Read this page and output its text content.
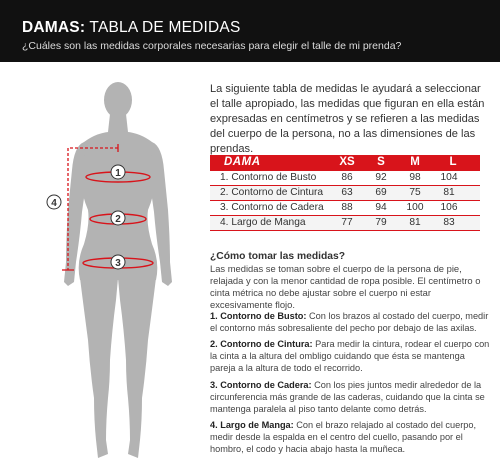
DAMAS: TABLA DE MEDIDAS
¿Cuáles son las medidas corporales necesarias para elegir el talle de mi prenda?
1
2
3
4
La siguiente tabla de medidas le ayudará a seleccionar el talle apropiado, las medidas que figuran en ella están expresadas en centímetros y se refieren a las medidas del cuerpo de la persona, no a las dimensiones de las prendas.
DAMA	XS	S	M	L
1. Contorno de Busto	86	92	98	104
2. Contorno de Cintura	63	69	75	81
3. Contorno de Cadera	88	94	100	106
4. Largo de Manga	77	79	81	83
¿Cómo tomar las medidas?
Las medidas se toman sobre el cuerpo de la persona de pie, relajada y con la menor cantidad de ropa posible. El centímetro o cinta métrica no debe ajustar sobre el cuerpo ni estar excesivamente flojo.
1. Contorno de Busto: Con los brazos al costado del cuerpo, medir el contorno más sobresaliente del pecho por debajo de las axilas.
2. Contorno de Cintura: Para medir la cintura, rodear el cuerpo con la cinta a la altura del ombligo cuidando que ésta se mantenga pareja a la altura de todo el recorrido.
3. Contorno de Cadera: Con los pies juntos medir alrededor de la circunferencia más grande de las caderas, cuidando que la cinta se mantenga paralela al piso tanto delante como detrás.
4. Largo de Manga: Con el brazo relajado al costado del cuerpo, medir desde la espalda en el centro del cuello, pasando por el hombro, el codo y hacia abajo hasta la muñeca.
